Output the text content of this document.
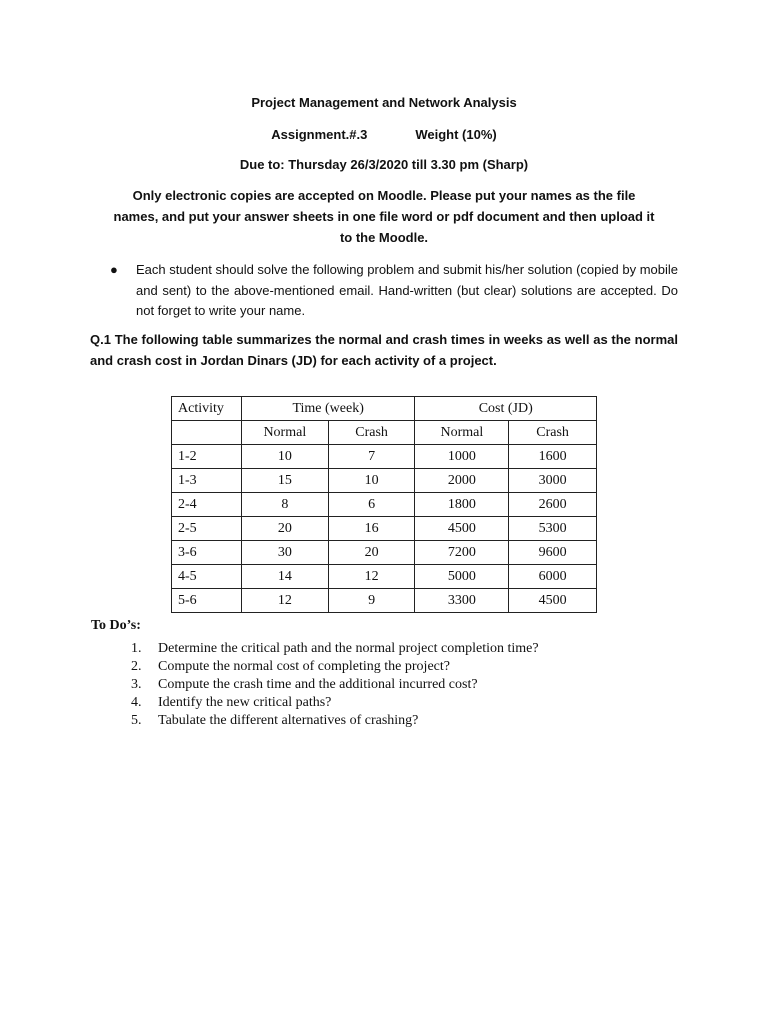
Project Management and Network Analysis
Assignment.#.3	Weight (10%)
Due to: Thursday 26/3/2020 till 3.30 pm (Sharp)
Only electronic copies are accepted on Moodle. Please put your names as the file names, and put your answer sheets in one file word or pdf document and then upload it to the Moodle.
● Each student should solve the following problem and submit his/her solution (copied by mobile and sent) to the above-mentioned email. Hand-written (but clear) solutions are accepted. Do not forget to write your name.
Q.1 The following table summarizes the normal and crash times in weeks as well as the normal and crash cost in Jordan Dinars (JD) for each activity of a project.
Activity	Time (week)		Cost (JD)	
	Normal	Crash	Normal	Crash
1-2	10	7	1000	1600
1-3	15	10	2000	3000
2-4	8	6	1800	2600
2-5	20	16	4500	5300
3-6	30	20	7200	9600
4-5	14	12	5000	6000
5-6	12	9	3300	4500
To Do’s:
1. Determine the critical path and the normal project completion time?
2. Compute the normal cost of completing the project?
3. Compute the crash time and the additional incurred cost?
4. Identify the new critical paths?
5. Tabulate the different alternatives of crashing?
